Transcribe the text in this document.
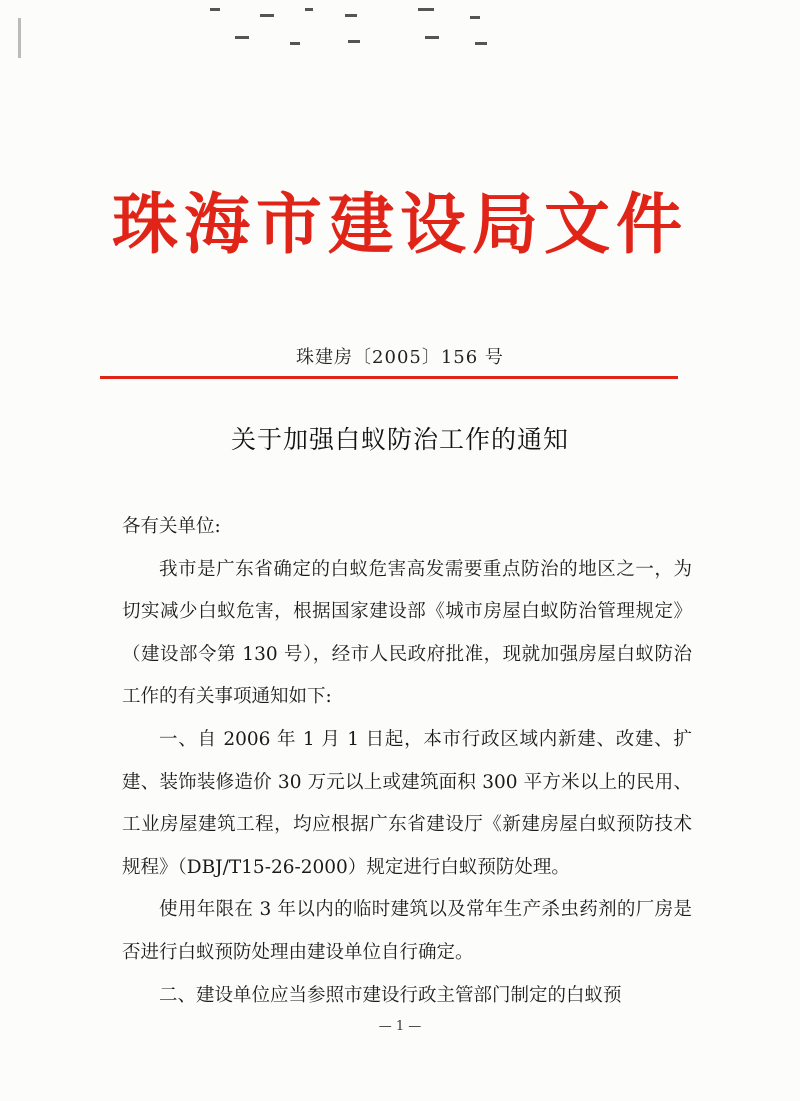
珠海市建设局文件
珠建房〔2005〕156 号
关于加强白蚁防治工作的通知

各有关单位:

我市是广东省确定的白蚁危害高发需要重点防治的地区之一，为切实减少白蚁危害，根据国家建设部《城市房屋白蚁防治管理规定》（建设部令第 130 号），经市人民政府批准，现就加强房屋白蚁防治工作的有关事项通知如下:

一、自 2006 年 1 月 1 日起，本市行政区域内新建、改建、扩建、装饰装修造价 30 万元以上或建筑面积 300 平方米以上的民用、工业房屋建筑工程，均应根据广东省建设厅《新建房屋白蚁预防技术规程》（DBJ/T15-26-2000）规定进行白蚁预防处理。

使用年限在 3 年以内的临时建筑以及常年生产杀虫药剂的厂房是否进行白蚁预防处理由建设单位自行确定。

二、建设单位应当参照市建设行政主管部门制定的白蚁预

— 1 —
